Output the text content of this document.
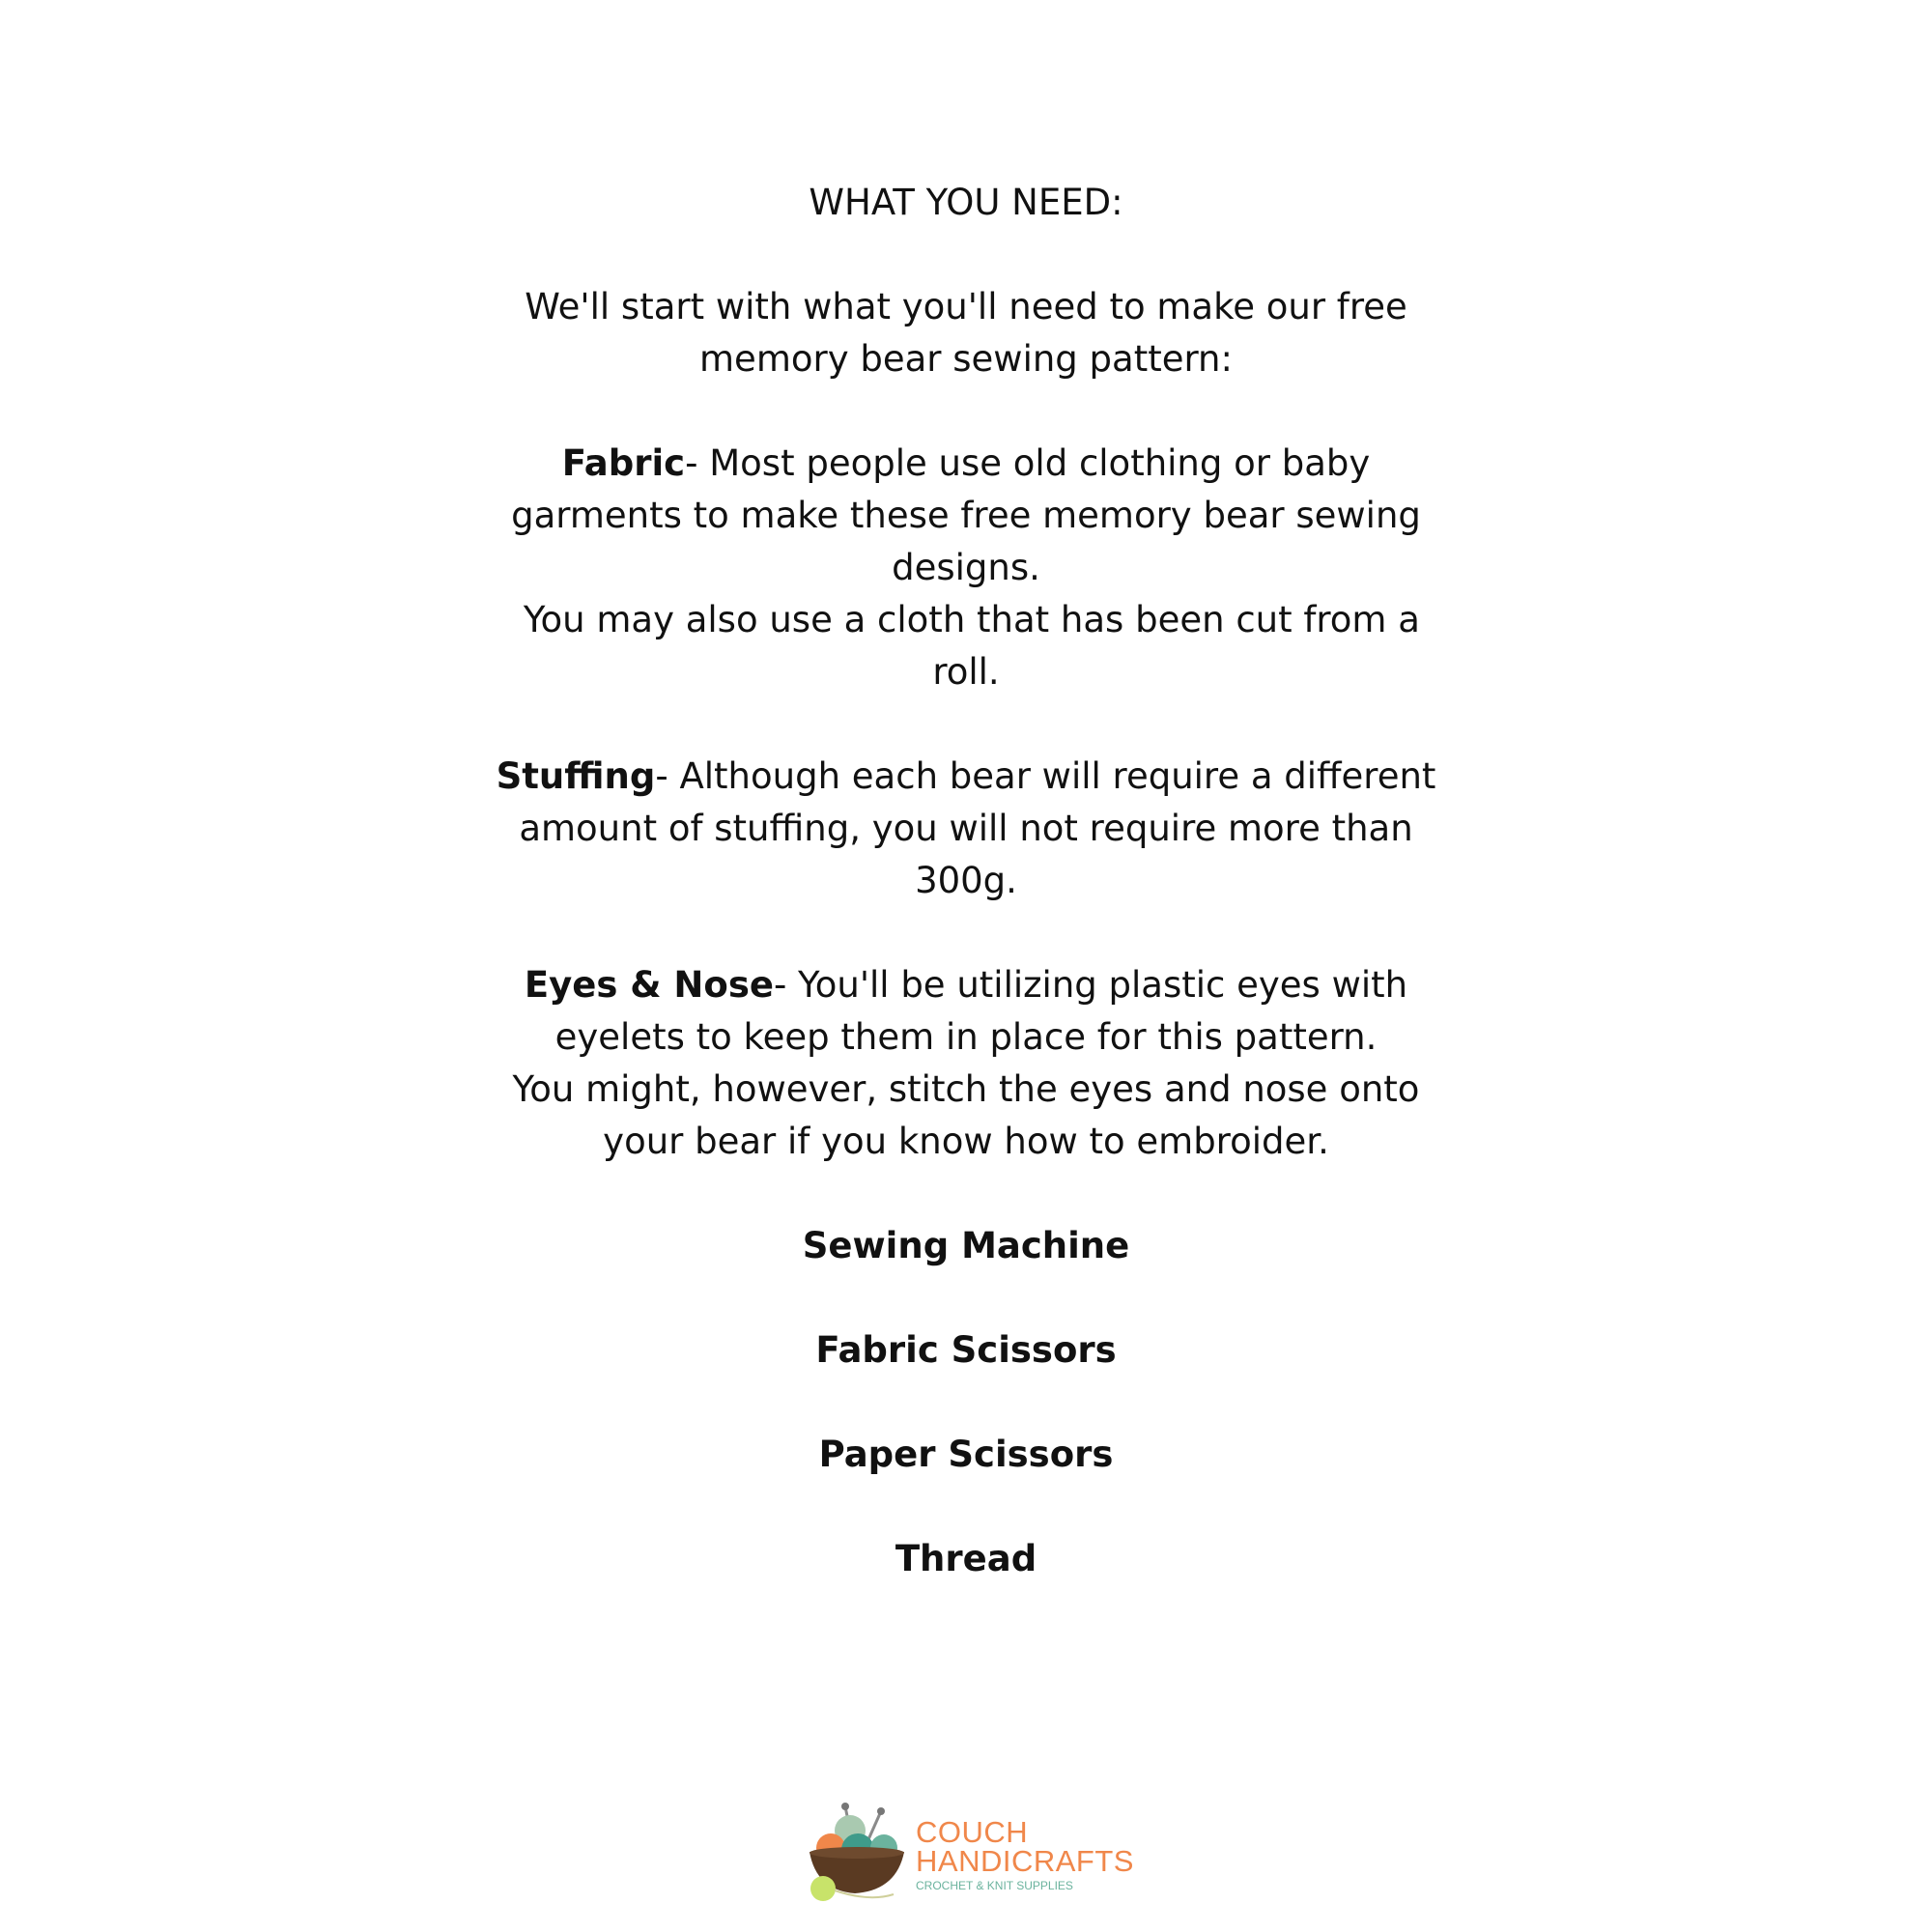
WHAT YOU NEED:
We'll start with what you'll need to make our free
memory bear sewing pattern:
Fabric- Most people use old clothing or baby
garments to make these free memory bear sewing
designs.
You may also use a cloth that has been cut from a
roll.
Stuffing- Although each bear will require a different
amount of stuffing, you will not require more than
300g.
Eyes & Nose- You'll be utilizing plastic eyes with
eyelets to keep them in place for this pattern.
You might, however, stitch the eyes and nose onto
your bear if you know how to embroider.
Sewing Machine
Fabric Scissors
Paper Scissors
Thread
COUCH
HANDICRAFTS
CROCHET & KNIT SUPPLIES
